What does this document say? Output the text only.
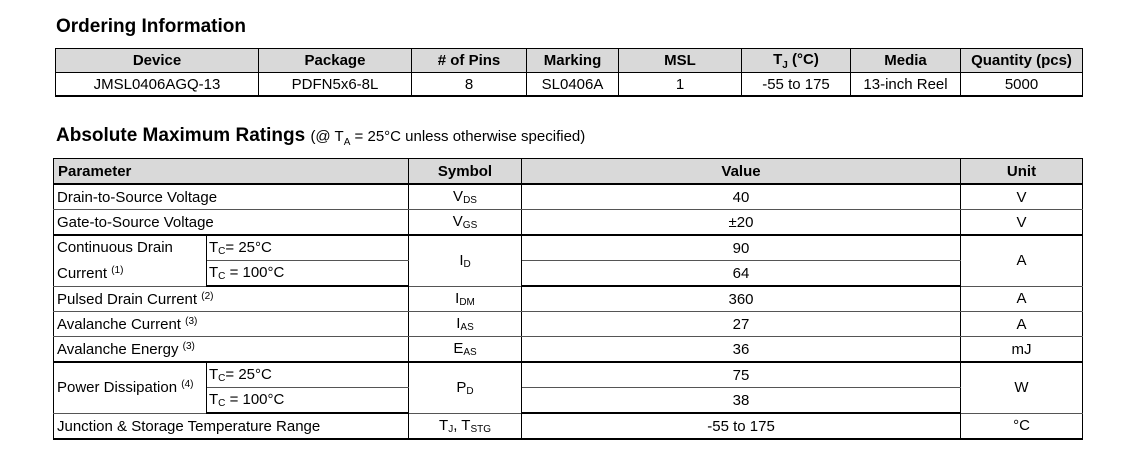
Ordering Information
Device	Package	# of Pins	Marking	MSL	$T_J$ (°C)	Media	Quantity (pcs)
JMSL0406AGQ-13	PDFN5x6-8L	8	SL0406A	1	-55 to 175	13-inch Reel	5000
Absolute Maximum Ratings (@ $T_A = 25^\circ C$ unless otherwise specified)
Parameter		Symbol	Value	Unit
Drain-to-Source Voltage		$V_{DS}$	40	V
Gate-to-Source Voltage		$V_{GS}$	±20	V
Continuous Drain
Current $^{(1)}$	$T_C= 25^\circ C$	$I_D$	90	A
	$T_C = 100^\circ C$		64	
Pulsed Drain Current $^{(2)}$		$I_{DM}$	360	A
Avalanche Current $^{(3)}$		$I_{AS}$	27	A
Avalanche Energy $^{(3)}$		$E_{AS}$	36	mJ
Power Dissipation $^{(4)}$	$T_C= 25^\circ C$	$P_D$	75	W
	$T_C = 100^\circ C$		38	
Junction & Storage Temperature Range		$T_J$, $T_{STG}$	-55 to 175	°C
